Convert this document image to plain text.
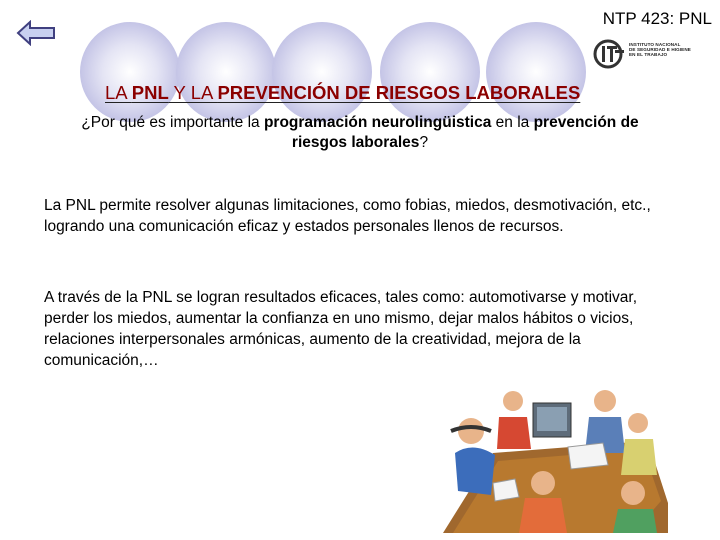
NTP 423: PNL
INSTITUTO NACIONAL
DE SEGURIDAD E HIGIENE
EN EL TRABAJO
LA PNL Y LA PREVENCIÓN DE RIESGOS LABORALES
¿Por qué es importante la programación neurolingüistica en la prevención de riesgos laborales?
La PNL permite resolver algunas limitaciones, como fobias, miedos, desmotivación, etc., logrando una comunicación eficaz y estados personales llenos de recursos.
A través de la PNL se logran resultados eficaces, tales como: automotivarse y motivar, perder los miedos, aumentar la confianza en uno mismo, dejar malos hábitos o vicios, relaciones interpersonales armónicas, aumento de la creatividad, mejora de la comunicación,…
